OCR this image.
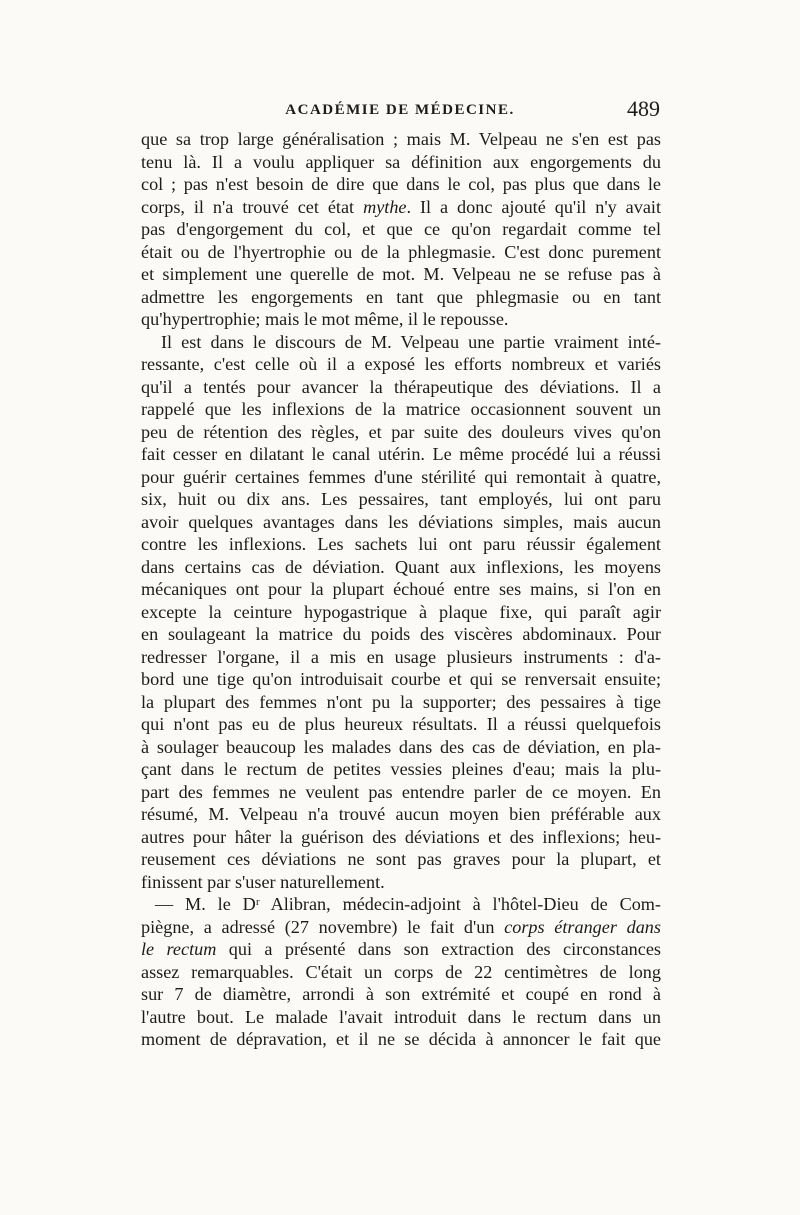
ACADÉMIE DE MÉDECINE.	489
que sa trop large généralisation ; mais M. Velpeau ne s'en est pas
tenu là. Il a voulu appliquer sa définition aux engorgements du
col ; pas n'est besoin de dire que dans le col, pas plus que dans le
corps, il n'a trouvé cet état mythe. Il a donc ajouté qu'il n'y avait
pas d'engorgement du col, et que ce qu'on regardait comme tel
était ou de l'hyertrophie ou de la phlegmasie. C'est donc purement
et simplement une querelle de mot. M. Velpeau ne se refuse pas à
admettre les engorgements en tant que phlegmasie ou en tant
qu'hypertrophie; mais le mot même, il le repousse.
Il est dans le discours de M. Velpeau une partie vraiment inté-
ressante, c'est celle où il a exposé les efforts nombreux et variés
qu'il a tentés pour avancer la thérapeutique des déviations. Il a
rappelé que les inflexions de la matrice occasionnent souvent un
peu de rétention des règles, et par suite des douleurs vives qu'on
fait cesser en dilatant le canal utérin. Le même procédé lui a réussi
pour guérir certaines femmes d'une stérilité qui remontait à quatre,
six, huit ou dix ans. Les pessaires, tant employés, lui ont paru
avoir quelques avantages dans les déviations simples, mais aucun
contre les inflexions. Les sachets lui ont paru réussir également
dans certains cas de déviation. Quant aux inflexions, les moyens
mécaniques ont pour la plupart échoué entre ses mains, si l'on en
excepte la ceinture hypogastrique à plaque fixe, qui paraît agir
en soulageant la matrice du poids des viscères abdominaux. Pour
redresser l'organe, il a mis en usage plusieurs instruments : d'a-
bord une tige qu'on introduisait courbe et qui se renversait ensuite;
la plupart des femmes n'ont pu la supporter; des pessaires à tige
qui n'ont pas eu de plus heureux résultats. Il a réussi quelquefois
à soulager beaucoup les malades dans des cas de déviation, en pla-
çant dans le rectum de petites vessies pleines d'eau; mais la plu-
part des femmes ne veulent pas entendre parler de ce moyen. En
résumé, M. Velpeau n'a trouvé aucun moyen bien préférable aux
autres pour hâter la guérison des déviations et des inflexions; heu-
reusement ces déviations ne sont pas graves pour la plupart, et
finissent par s'user naturellement.
— M. le Dʳ Alibran, médecin-adjoint à l'hôtel-Dieu de Com-
piègne, a adressé (27 novembre) le fait d'un corps étranger dans
le rectum qui a présenté dans son extraction des circonstances
assez remarquables. C'était un corps de 22 centimètres de long
sur 7 de diamètre, arrondi à son extrémité et coupé en rond à
l'autre bout. Le malade l'avait introduit dans le rectum dans un
moment de dépravation, et il ne se décida à annoncer le fait que
